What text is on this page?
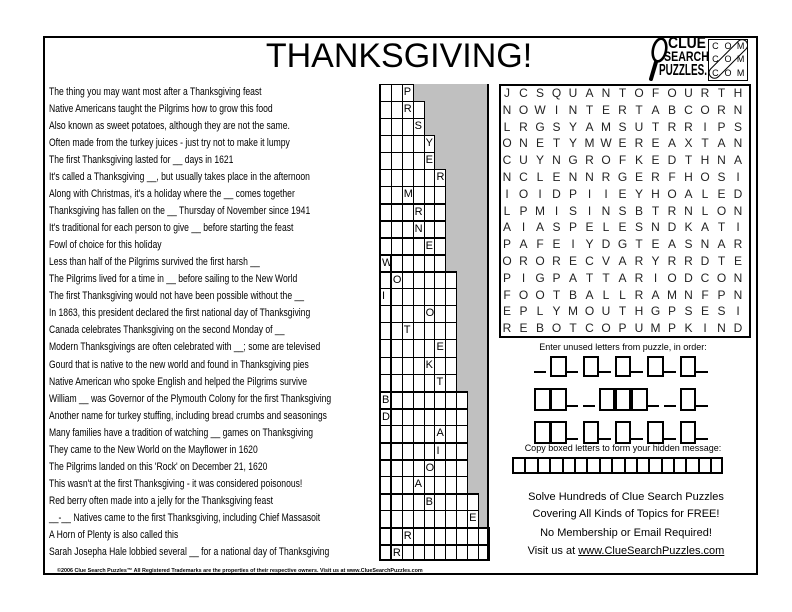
THANKSGIVING!	CLUE
SEARCH
PUZZLES.
C O M
C O M
C O M
The thing you may want most after a Thanksgiving feast
Native Americans taught the Pilgrims how to grow this food
Also known as sweet potatoes, although they are not the same.
Often made from the turkey juices - just try not to make it lumpy
The first Thanksgiving lasted for __ days in 1621
It's called a Thanksgiving __, but usually takes place in the afternoon
Along with Christmas, it's a holiday where the __ comes together
Thanksgiving has fallen on the __ Thursday of November since 1941
It's traditional for each person to give __ before starting the feast
Fowl of choice for this holiday
Less than half of the Pilgrims survived the first harsh __
The Pilgrims lived for a time in __ before sailing to the New World
The first Thanksgiving would not have been possible without the __
In 1863, this president declared the first national day of Thanksgiving
Canada celebrates Thanksgiving on the second Monday of __
Modern Thanksgivings are often celebrated with __; some are televised
Gourd that is native to the new world and found in Thanksgiving pies
Native American who spoke English and helped the Pilgrims survive
William __ was Governor of the Plymouth Colony for the first Thanksgiving
Another name for turkey stuffing, including bread crumbs and seasonings
Many families have a tradition of watching __ games on Thanksgiving
They came to the New World on the Mayflower in 1620
The Pilgrims landed on this 'Rock' on December 21, 1620
This wasn't at the first Thanksgiving - it was considered poisonous!
Red berry often made into a jelly for the Thanksgiving feast
__-__ Natives came to the first Thanksgiving, including Chief Massasoit
A Horn of Plenty is also called this
Sarah Josepha Hale lobbied several __ for a national day of Thanksgiving
P
R
S
Y
E
R
M
R
N
E
W
O
I
O
T
E
K
T
B
D
A
I
O
A
B
E
R
R
J C S Q U A N T O F O U R T H
N O W I N T E R T A B C O R N
L R G S Y A M S U T R R I P S
O N E T Y M W E R E A X T A N
C U Y N G R O F K E D T H N A
N C L E N N R G E R F H O S I
I O I D P I	I E Y H O A L E D
L P M I S I N S B T R N L O N
A I A S P E L E S N D K A T I
P A F E I Y D G T E A S N A R
O R O R E C V A R Y R R D T E
P I G P A T T A R I O D C O N
F O O T B A L L R A M N F P N
E P L Y M O U T H G P S E S I
R E B O T C O P U M P K I N D
Enter unused letters from puzzle, in order:
Copy boxed letters to form your hidden message:
Solve Hundreds of Clue Search Puzzles
Covering All Kinds of Topics for FREE!
No Membership or Email Required!
Visit us at www.ClueSearchPuzzles.com
©2006 Clue Search Puzzles™ All Registered Trademarks are the properties of their respective owners. Visit us at www.ClueSearchPuzzles.com
